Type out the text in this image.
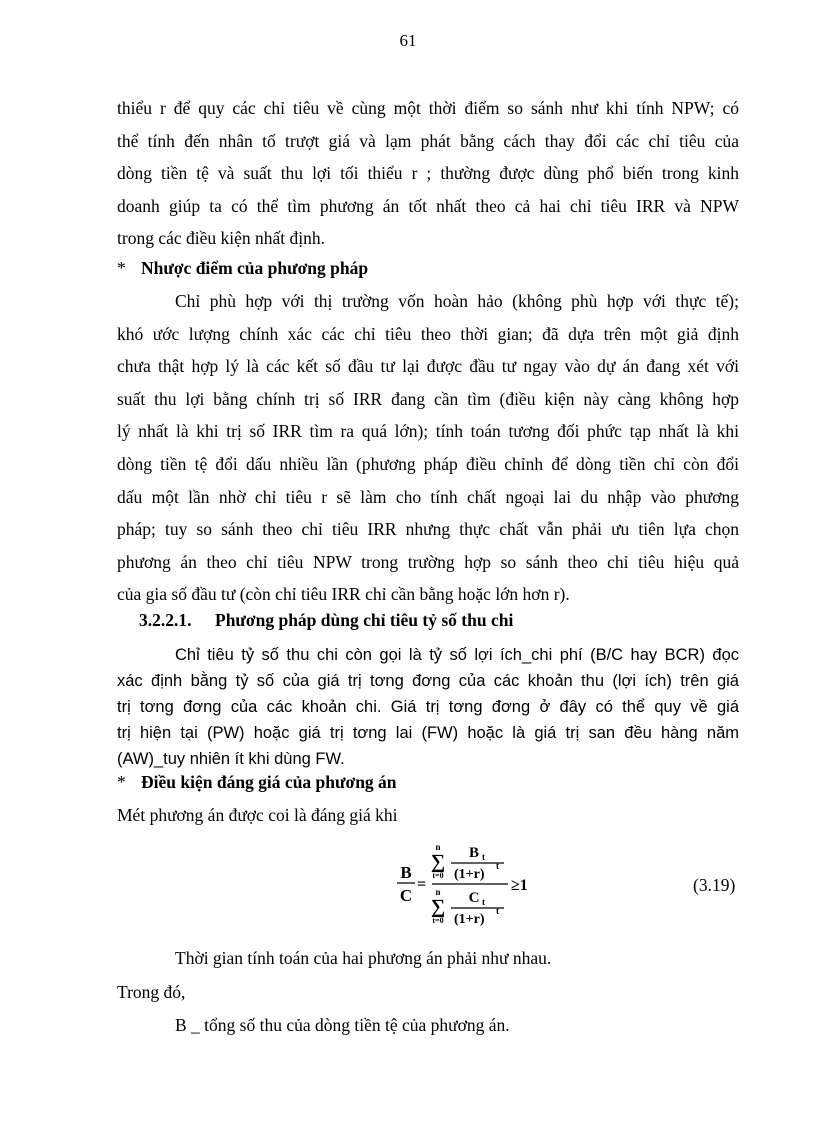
61
thiểu r để quy các chỉ tiêu về cùng một thời điểm so sánh như khi tính NPW; có
thể tính đến nhân tố trượt giá và lạm phát bằng cách thay đổi các chỉ tiêu của
dòng tiền tệ và suất thu lợi tối thiểu r ; thường được dùng phổ biến trong kinh
doanh giúp ta có thể tìm phương án tốt nhất theo cả hai chỉ tiêu IRR và NPW
trong các điều kiện nhất định.
* Nhược điểm của phương pháp
Chỉ phù hợp với thị trường vốn hoàn hảo (không phù hợp với thực tế);
khó ước lượng chính xác các chỉ tiêu theo thời gian; đã dựa trên một giả định
chưa thật hợp lý là các kết số đầu tư lại được đầu tư ngay vào dự án đang xét với
suất thu lợi bằng chính trị số IRR đang cần tìm (điều kiện này càng không hợp
lý nhất là khi trị số IRR tìm ra quá lớn); tính toán tương đối phức tạp nhất là khi
dòng tiền tệ đổi dấu nhiều lần (phương pháp điều chỉnh để dòng tiền chỉ còn đổi
dấu một lần nhờ chỉ tiêu r sẽ làm cho tính chất ngoại lai du nhập vào phương
pháp; tuy so sánh theo chỉ tiêu IRR nhưng thực chất vẫn phải ưu tiên lựa chọn
phương án theo chỉ tiêu NPW trong trường hợp so sánh theo chỉ tiêu hiệu quả
của gia số đầu tư (còn chỉ tiêu IRR chỉ cần bằng hoặc lớn hơn r).
3.2.2.1. Phương pháp dùng chỉ tiêu tỷ số thu chi
Chỉ tiêu tỷ số thu chi còn gọi là tỷ số lợi ích_chi phí (B/C hay BCR) đọc
xác định bằng tỷ số của giá trị tơng đơng của các khoản thu (lợi ích) trên giá
trị tơng đơng của các khoản chi. Giá trị tơng đơng ở đây có thể quy về giá
trị hiện tại (PW) hoặc giá trị tơng lai (FW) hoặc là giá trị san đều hàng năm
(AW)_tuy nhiên ít khi dùng FW.
* Điều kiện đáng giá của phương án
Mét phương án được coi là đáng giá khi
B
C
=
n
∑
t=0
B t
(1+r)
t
≥1
n
∑
t=0
C t
(1+r)
t
(3.19)
Thời gian tính toán của hai phương án phải như nhau.
Trong đó,
B _ tổng số thu của dòng tiền tệ của phương án.
